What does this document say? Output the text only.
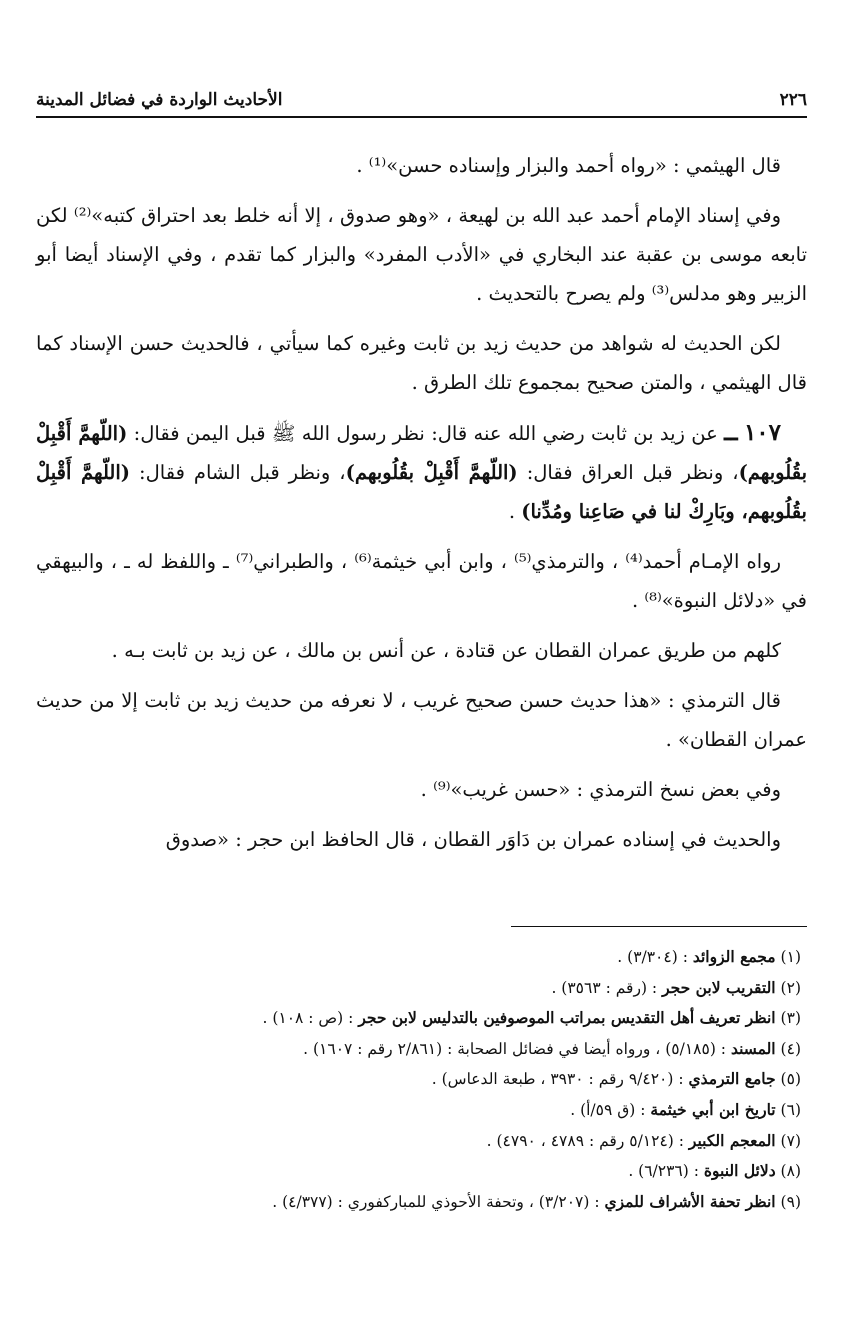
٢٢٦
الأحاديث الواردة في فضائل المدينة

قال الهيثمي : «رواه أحمد والبزار وإسناده حسن»⁽¹⁾ .

وفي إسناد الإمام أحمد عبد الله بن لهيعة ، «وهو صدوق ، إلا أنه خلط بعد احتراق كتبه»⁽²⁾ لكن تابعه موسى بن عقبة عند البخاري في «الأدب المفرد» والبزار كما تقدم ، وفي الإسناد أيضا أبو الزبير وهو مدلس⁽³⁾ ولم يصرح بالتحديث .

لكن الحديث له شواهد من حديث زيد بن ثابت وغيره كما سيأتي ، فالحديث حسن الإسناد كما قال الهيثمي ، والمتن صحيح بمجموع تلك الطرق .

١٠٧ ــ عن زيد بن ثابت رضي الله عنه قال: نظر رسول الله ﷺ قبل اليمن فقال: (اللّهمَّ أَقْبِلْ بقُلُوبهم)، ونظر قبل العراق فقال: (اللّهمَّ أَقْبِلْ بقُلُوبهم)، ونظر قبل الشام فقال: (اللّهمَّ أَقْبِلْ بقُلُوبهم، وبَارِكْ لنا في صَاعِنا ومُدِّنا) .

رواه الإمـام أحمد⁽⁴⁾ ، والترمذي⁽⁵⁾ ، وابن أبي خيثمة⁽⁶⁾ ، والطبراني⁽⁷⁾ ـ واللفظ له ـ ، والبيهقي في «دلائل النبوة»⁽⁸⁾ .

كلهم من طريق عمران القطان عن قتادة ، عن أنس بن مالك ، عن زيد بن ثابت بـه .

قال الترمذي : «هذا حديث حسن صحيح غريب ، لا نعرفه من حديث زيد بن ثابت إلا من حديث عمران القطان» .

وفي بعض نسخ الترمذي : «حسن غريب»⁽⁹⁾ .

والحديث في إسناده عمران بن دَاوَر القطان ، قال الحافظ ابن حجر : «صدوق

(١) مجمع الزوائد : (٣/٣٠٤) .

(٢) التقريب لابن حجر : (رقم : ٣٥٦٣) .

(٣) انظر تعريف أهل التقديس بمراتب الموصوفين بالتدليس لابن حجر : (ص : ١٠٨) .

(٤) المسند : (٥/١٨٥) ، ورواه أيضا في فضائل الصحابة : (٢/٨٦١ رقم : ١٦٠٧) .

(٥) جامع الترمذي : (٩/٤٢٠ رقم : ٣٩٣٠ ، طبعة الدعاس) .

(٦) تاريخ ابن أبي خيثمة : (ق ٥٩/أ) .

(٧) المعجم الكبير : (٥/١٢٤ رقم : ٤٧٨٩ ، ٤٧٩٠) .

(٨) دلائل النبوة : (٦/٢٣٦) .

(٩) انظر تحفة الأشراف للمزي : (٣/٢٠٧) ، وتحفة الأحوذي للمباركفوري : (٤/٣٧٧) .
